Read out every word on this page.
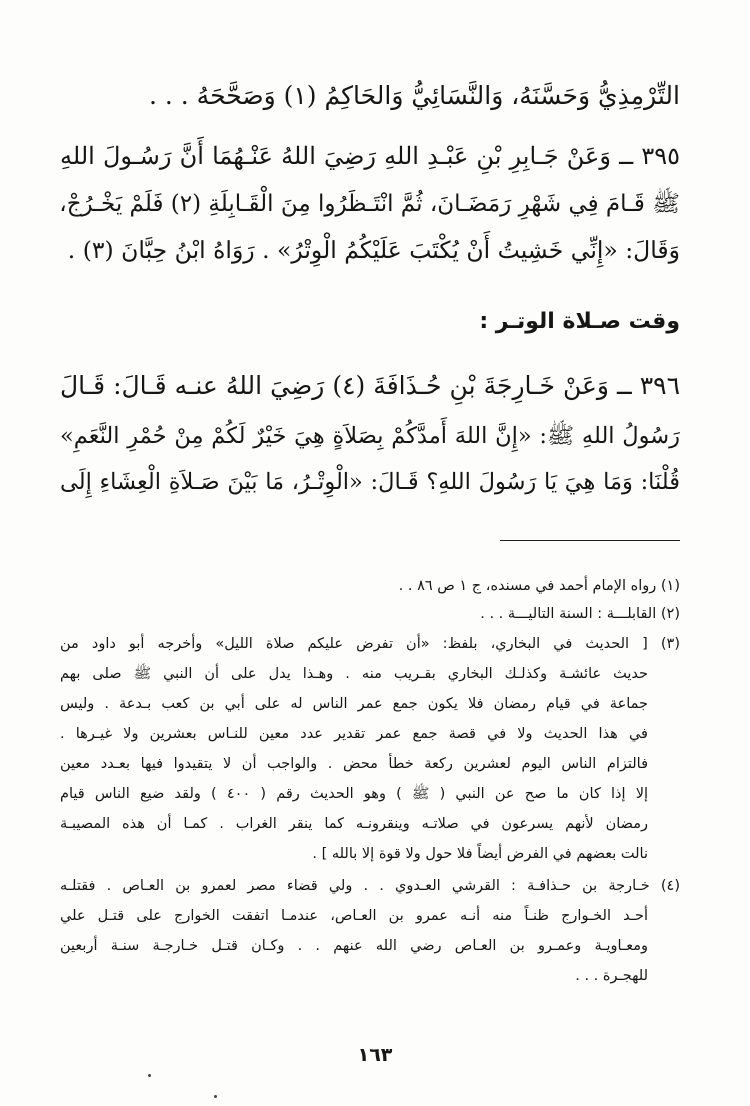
التِّرْمِذِيُّ وَحَسَّنَهُ، وَالنَّسَائِيُّ وَالحَاكِمُ (١) وَصَحَّحَهُ . . .
٣٩٥ ــ وَعَنْ جَـابِرِ بْنِ عَبْـدِ اللهِ رَضِيَ اللهُ عَنْـهُمَا أَنَّ رَسُـولَ اللهِ
ﷺ قَـامَ فِي شَهْرِ رَمَضَـانَ، ثُمَّ انْتَـظَرُوا مِنَ الْقَـابِلَةِ (٢) فَلَمْ يَخْـرُجْ،
وَقَالَ: «إِنِّي خَشِيتُ أَنْ يُكْتَبَ عَلَيْكُمُ الْوِتْرُ» . رَوَاهُ ابْنُ حِبَّانَ (٣) .
وقت صـلاة الوتـر :
٣٩٦ ــ وَعَنْ خَـارِجَةَ بْنِ حُـذَافَةَ (٤) رَضِيَ اللهُ عنـه قَـالَ: قَـالَ
رَسُولُ اللهِ ﷺ: «إِنَّ اللهَ أَمدَّكُمْ بِصَلاَةٍ هِيَ خَيْرٌ لَكُمْ مِنْ حُمْرِ النَّعَمِ»
قُلْنَا: وَمَا هِيَ يَا رَسُولَ اللهِ؟ قَـالَ: «الْوِتْـرُ، مَا بَيْنَ صَـلاَةِ الْعِشَاءِ إِلَى
(١) رواه الإمام أحمد في مسنده، ج ١ ص ٨٦ . .
(٢) القابلـــة : السنة التاليـــة . . .
(٣) [ الحديث في البخاري، بلفظ: «أن تفرض عليكم صلاة الليل» وأخرجه أبو داود من
حديث عائشـة وكذلـك البخاري بقـريب منه . وهـذا يدل على أن النبي ﷺ صلى بهم
جماعة في قيام رمضان فلا يكون جمع عمر الناس له على أبي بن كعب بـدعة . وليس
في هذا الحديث ولا في قصة جمع عمر تقدير عدد معين للنـاس بعشرين ولا غيـرها .
فالتزام الناس اليوم لعشرين ركعة خطأ محض . والواجب أن لا يتقيدوا فيها بعـدد معين
إلا إذا كان ما صح عن النبي ( ﷺ ) وهو الحديث رقم ( ٤٠٠ ) ولقد ضيع الناس قيام
رمضان لأنهم يسرعون في صلاتـه وينقرونـه كما ينقر الغراب . كمـا أن هذه المصيبـة
نالت بعضهم في الفرض أيضاً فلا حول ولا قوة إلا بالله ] .
(٤) خـارجة بن حـذافـة : القرشي العـدوي . . ولي قضاء مصر لعمرو بن العـاص . فقتلـه
أحـد الخـوارج ظنـاً منه أنـه عمرو بن العـاص، عندمـا اتفقت الخوارج على قتـل علي
ومعـاويـة وعمـرو بن العـاص رضي الله عنهم . . وكـان قتـل خـارجـة سنـة أربعين
للهجـرة . . .
١٦٣
